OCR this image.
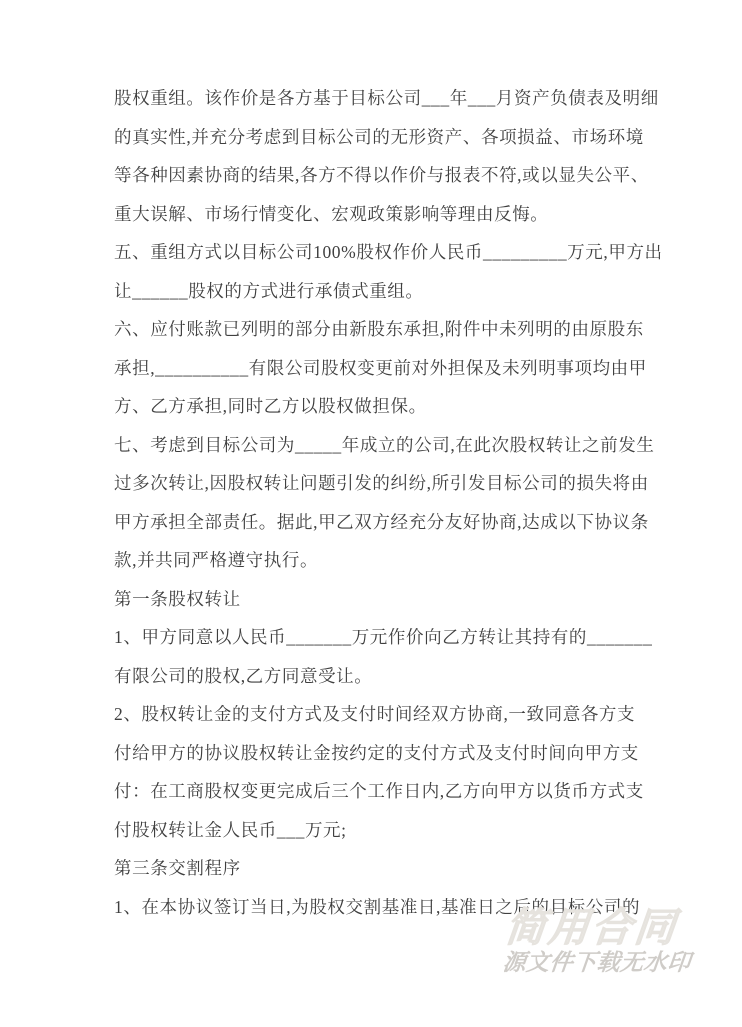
股权重组。该作价是各方基于目标公司___年___月资产负债表及明细
的真实性,并充分考虑到目标公司的无形资产、各项损益、市场环境
等各种因素协商的结果,各方不得以作价与报表不符,或以显失公平、
重大误解、市场行情变化、宏观政策影响等理由反悔。
五、重组方式以目标公司100%股权作价人民币_________万元,甲方出
让______股权的方式进行承债式重组。
六、应付账款已列明的部分由新股东承担,附件中未列明的由原股东
承担,__________有限公司股权变更前对外担保及未列明事项均由甲
方、乙方承担,同时乙方以股权做担保。
七、考虑到目标公司为_____年成立的公司,在此次股权转让之前发生
过多次转让,因股权转让问题引发的纠纷,所引发目标公司的损失将由
甲方承担全部责任。据此,甲乙双方经充分友好协商,达成以下协议条
款,并共同严格遵守执行。
第一条股权转让
1、甲方同意以人民币_______万元作价向乙方转让其持有的_______
有限公司的股权,乙方同意受让。
2、股权转让金的支付方式及支付时间经双方协商,一致同意各方支
付给甲方的协议股权转让金按约定的支付方式及支付时间向甲方支
付：在工商股权变更完成后三个工作日内,乙方向甲方以货币方式支
付股权转让金人民币___万元;
第三条交割程序
1、在本协议签订当日,为股权交割基准日,基准日之后的目标公司的
简用合同
源文件下载无水印
